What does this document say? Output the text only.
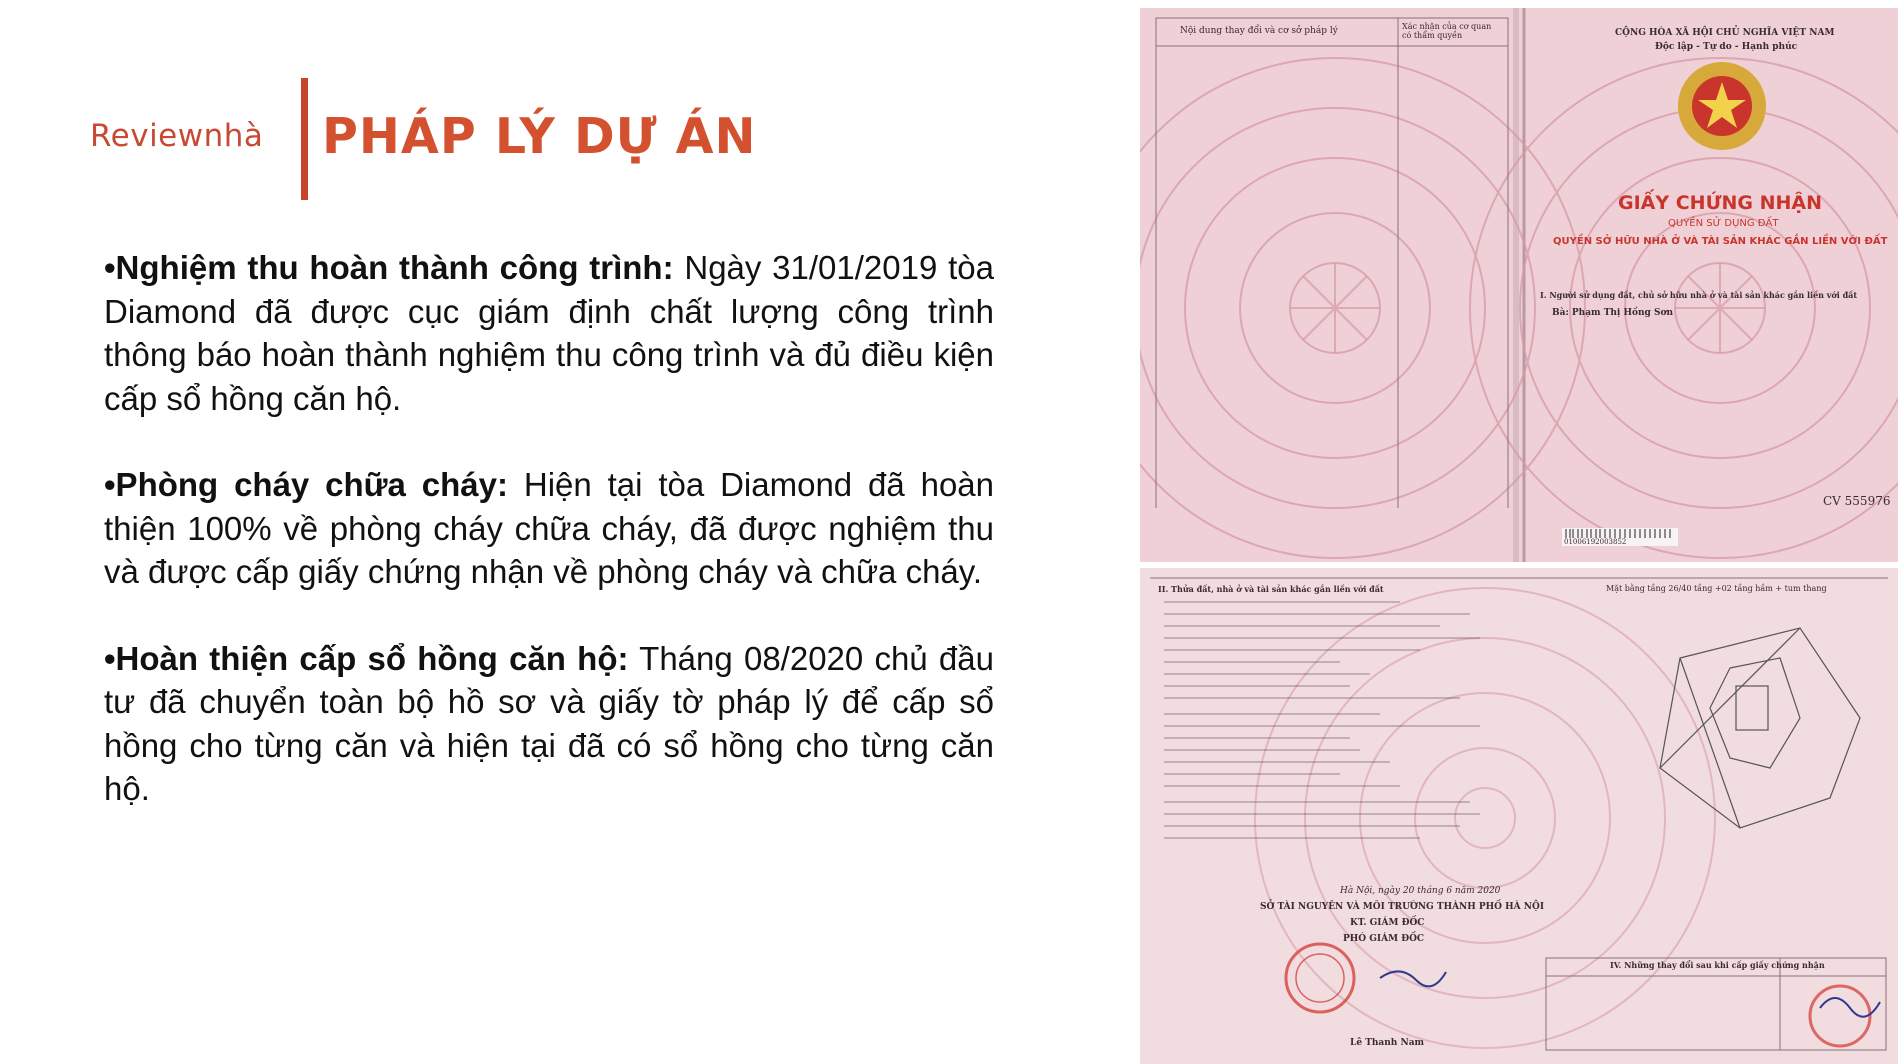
Reviewnhà PHÁP LÝ DỰ ÁN

•Nghiệm thu hoàn thành công trình: Ngày 31/01/2019 tòa Diamond đã được cục giám định chất lượng công trình thông báo hoàn thành nghiệm thu công trình và đủ điều kiện cấp sổ hồng căn hộ.

•Phòng cháy chữa cháy: Hiện tại tòa Diamond đã hoàn thiện 100% về phòng cháy chữa cháy, đã được nghiệm thu và được cấp giấy chứng nhận về phòng cháy và chữa cháy.

•Hoàn thiện cấp sổ hồng căn hộ: Tháng 08/2020 chủ đầu tư đã chuyển toàn bộ hồ sơ và giấy tờ pháp lý để cấp sổ hồng cho từng căn và hiện tại đã có sổ hồng cho từng căn hộ.

Nội dung thay đổi và cơ sở pháp lý	Xác nhận của cơ quan có thẩm quyền	CỘNG HÒA XÃ HỘI CHỦ NGHĨA VIỆT NAM
Độc lập - Tự do - Hạnh phúc
GIẤY CHỨNG NHẬN
QUYỀN SỬ DỤNG ĐẤT
QUYỀN SỞ HỮU NHÀ Ở VÀ TÀI SẢN KHÁC GẮN LIỀN VỚI ĐẤT
I. Người sử dụng đất, chủ sở hữu nhà ở và tài sản khác gắn liền với đất
Bà: Phạm Thị Hồng Sơn
CV 555976
01006192003852
II. Thửa đất, nhà ở và tài sản khác gắn liền với đất	Mặt bằng tầng 26/40 tầng +02 tầng hầm + tum thang
IV. Những thay đổi sau khi cấp giấy chứng nhận
Hà Nội, ngày 20 tháng 6 năm 2020
SỞ TÀI NGUYÊN VÀ MÔI TRƯỜNG THÀNH PHỐ HÀ NỘI
KT. GIÁM ĐỐC
PHÓ GIÁM ĐỐC
Lê Thanh Nam
